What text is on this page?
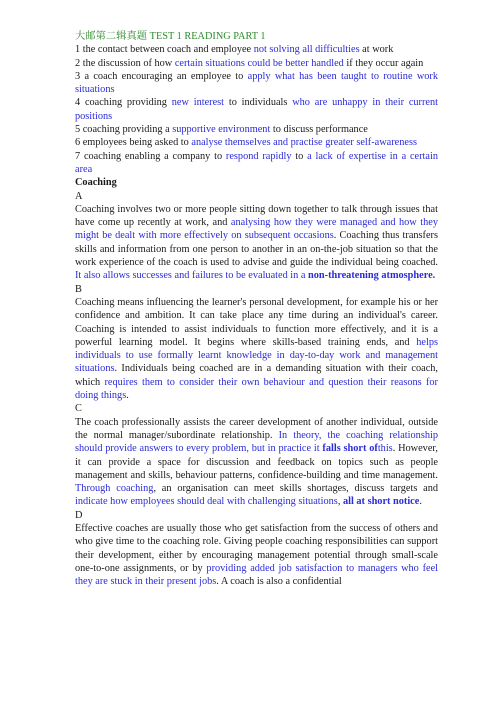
大邮第二辑真题 TEST 1 READING PART 1

1 the contact between coach and employee not solving all difficulties at work

2 the discussion of how certain situations could be better handled if they occur again

3 a coach encouraging an employee to apply what has been taught to routine work situations

4 coaching providing new interest to individuals who are unhappy in their current positions

5 coaching providing a supportive environment to discuss performance

6 employees being asked to analyse themselves and practise greater self-awareness

7 coaching enabling a company to respond rapidly to a lack of expertise in a certain area

Coaching

A

Coaching involves two or more people sitting down together to talk through issues that have come up recently at work, and analysing how they were managed and how they might be dealt with more effectively on subsequent occasions. Coaching thus transfers skills and information from one person to another in an on-the-job situation so that the work experience of the coach is used to advise and guide the individual being coached. It also allows successes and failures to be evaluated in a non-threatening atmosphere.

B

Coaching means influencing the learner's personal development, for example his or her confidence and ambition. It can take place any time during an individual's career. Coaching is intended to assist individuals to function more effectively, and it is a powerful learning model. It begins where skills-based training ends, and helps individuals to use formally learnt knowledge in day-to-day work and management situations. Individuals being coached are in a demanding situation with their coach, which requires them to consider their own behaviour and question their reasons for doing things.

C

The coach professionally assists the career development of another individual, outside the normal manager/subordinate relationship. In theory, the coaching relationship should provide answers to every problem, but in practice it falls short ofthis. However, it can provide a space for discussion and feedback on topics such as people management and skills, behaviour patterns, confidence-building and time management. Through coaching, an organisation can meet skills shortages, discuss targets and indicate how employees should deal with challenging situations, all at short notice.

D

Effective coaches are usually those who get satisfaction from the success of others and who give time to the coaching role. Giving people coaching responsibilities can support their development, either by encouraging management potential through small-scale one-to-one assignments, or by providing added job satisfaction to managers who feel they are stuck in their present jobs. A coach is also a confidential
